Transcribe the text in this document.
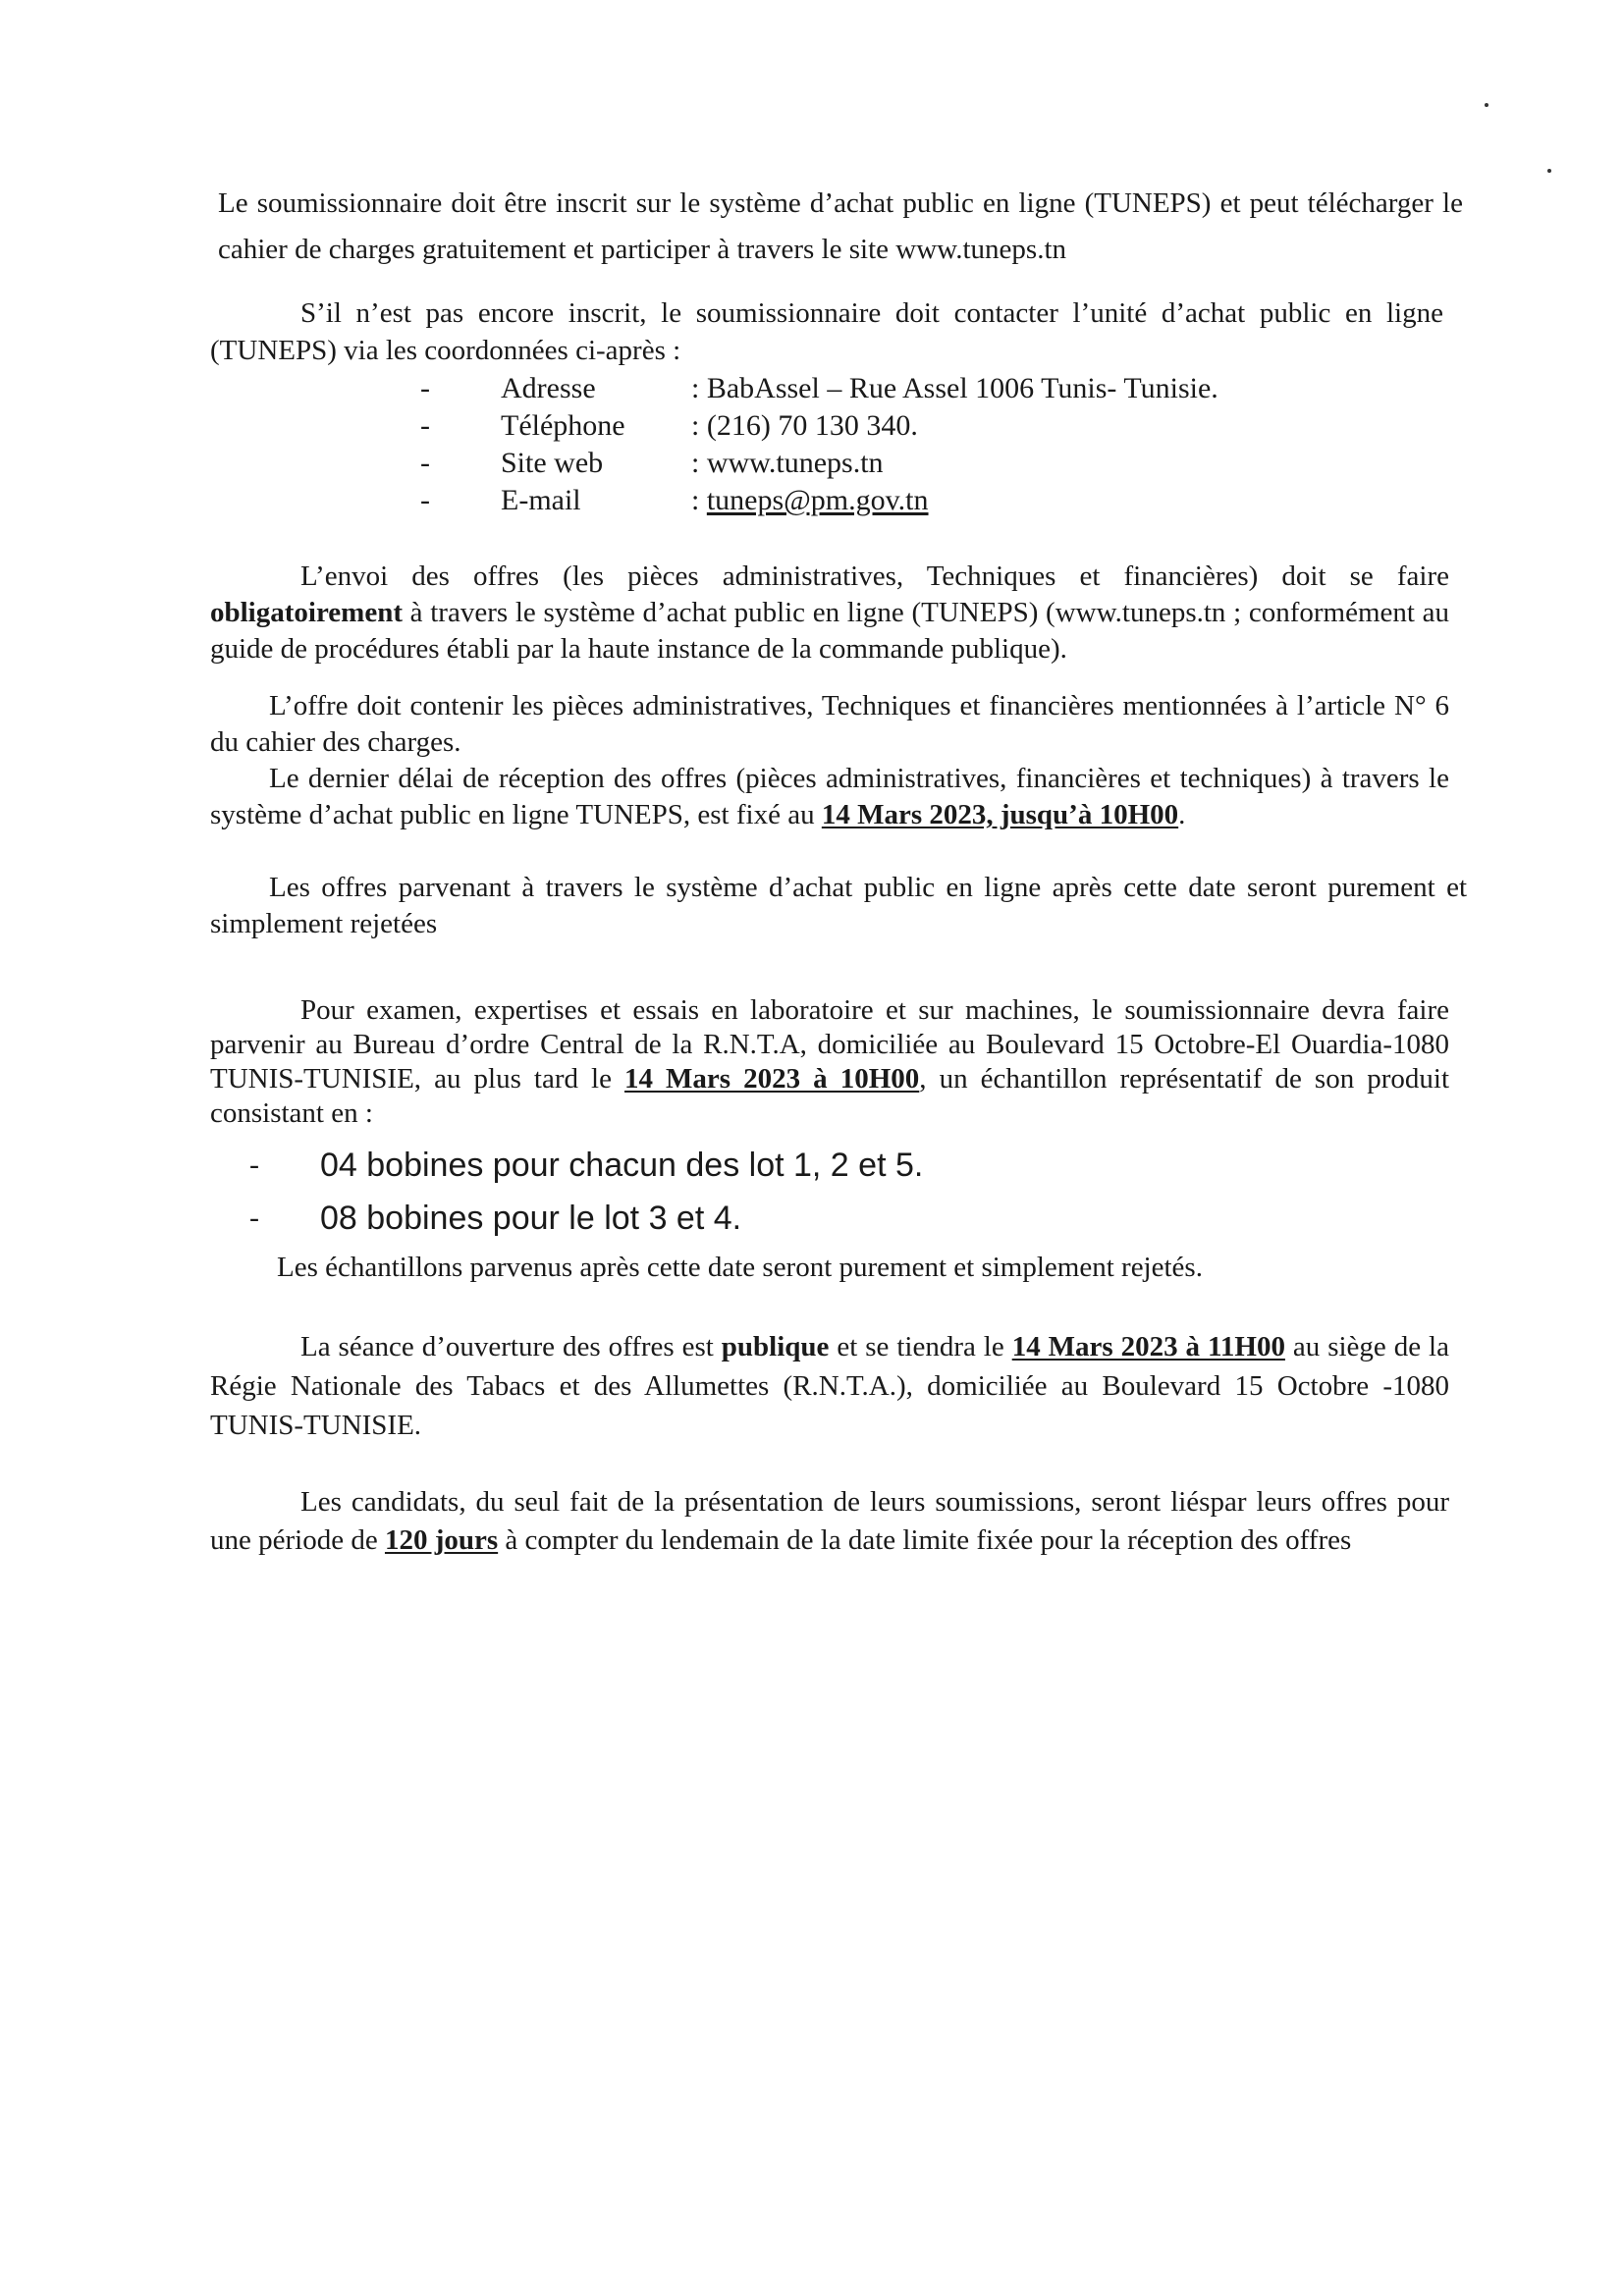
Le soumissionnaire doit être inscrit sur le système d’achat public en ligne (TUNEPS) et peut télécharger le cahier de charges gratuitement et participer à travers le site www.tuneps.tn

S’il n’est pas encore inscrit, le soumissionnaire doit contacter l’unité d’achat public en ligne (TUNEPS) via les coordonnées ci-après :

- Adresse	: BabAssel – Rue Assel 1006 Tunis- Tunisie.
- Téléphone : (216) 70 130 340.
- Site web	: www.tuneps.tn
- E-mail	: tuneps@pm.gov.tn

L’envoi des offres (les pièces administratives, Techniques et financières) doit se faire obligatoirement à travers le système d’achat public en ligne (TUNEPS) (www.tuneps.tn ; conformément au guide de procédures établi par la haute instance de la commande publique).

L’offre doit contenir les pièces administratives, Techniques et financières mentionnées à l’article N° 6 du cahier des charges.

Le dernier délai de réception des offres (pièces administratives, financières et techniques) à travers le système d’achat public en ligne TUNEPS, est fixé au 14 Mars 2023, jusqu’à 10H00.

Les offres parvenant à travers le système d’achat public en ligne après cette date seront purement et simplement rejetées

Pour examen, expertises et essais en laboratoire et sur machines, le soumissionnaire devra faire parvenir au Bureau d’ordre Central de la R.N.T.A, domiciliée au Boulevard 15 Octobre-El Ouardia-1080 TUNIS-TUNISIE, au plus tard le 14 Mars 2023 à 10H00, un échantillon représentatif de son produit consistant en :

- 04 bobines pour chacun des lot 1, 2 et 5.
- 08 bobines pour le lot 3 et 4.

Les échantillons parvenus après cette date seront purement et simplement rejetés.

La séance d’ouverture des offres est publique et se tiendra le 14 Mars 2023 à 11H00 au siège de la Régie Nationale des Tabacs et des Allumettes (R.N.T.A.), domiciliée au Boulevard 15 Octobre -1080 TUNIS-TUNISIE.

Les candidats, du seul fait de la présentation de leurs soumissions, seront liéspar leurs offres pour une période de 120 jours à compter du lendemain de la date limite fixée pour la réception des offres
